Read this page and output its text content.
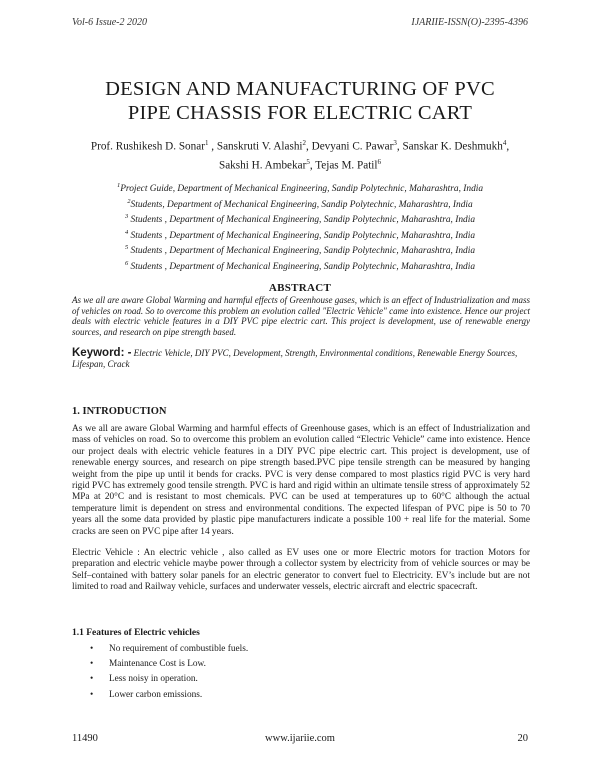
Vol-6 Issue-2 2020	IJARIIE-ISSN(O)-2395-4396
DESIGN AND MANUFACTURING OF PVC
PIPE CHASSIS FOR ELECTRIC CART
Prof. Rushikesh D. Sonar$^1$ , Sanskruti V. Alashi$^2$, Devyani C. Pawar$^3$, Sanskar K. Deshmukh$^4$,
Sakshi H. Ambekar$^5$, Tejas M. Patil$^6$
$^1$Project Guide, Department of Mechanical Engineering, Sandip Polytechnic, Maharashtra, India
$^2$Students, Department of Mechanical Engineering, Sandip Polytechnic, Maharashtra, India
$^3$ Students , Department of Mechanical Engineering, Sandip Polytechnic, Maharashtra, India
$^4$ Students , Department of Mechanical Engineering, Sandip Polytechnic, Maharashtra, India
$^5$ Students , Department of Mechanical Engineering, Sandip Polytechnic, Maharashtra, India
$^6$ Students , Department of Mechanical Engineering, Sandip Polytechnic, Maharashtra, India
ABSTRACT
As we all are aware Global Warming and harmful effects of Greenhouse gases, which is an effect of Industrialization and mass of vehicles on road. So to overcome this problem an evolution called "Electric Vehicle" came into existence. Hence our project deals with electric vehicle features in a DIY PVC pipe electric cart. This project is development, use of renewable energy sources, and research on pipe strength based.
Keyword: - Electric Vehicle, DIY PVC, Development, Strength, Environmental conditions, Renewable Energy Sources, Lifespan, Crack
1. INTRODUCTION

As we all are aware Global Warming and harmful effects of Greenhouse gases, which is an effect of Industrialization and mass of vehicles on road. So to overcome this problem an evolution called “Electric Vehicle” came into existence. Hence our project deals with electric vehicle features in a DIY PVC pipe electric cart. This project is development, use of renewable energy sources, and research on pipe strength based.PVC pipe tensile strength can be measured by hanging weight from the pipe up until it bends for cracks. PVC is very dense compared to most plastics rigid PVC is very hard rigid PVC has extremely good tensile strength. PVC is hard and rigid within an ultimate tensile stress of approximately 52 MPa at 20°C and is resistant to most chemicals. PVC can be used at temperatures up to 60°C although the actual temperature limit is dependent on stress and environmental conditions. The expected lifespan of PVC pipe is 50 to 70 years all the some data provided by plastic pipe manufacturers indicate a possible 100 + real life for the material. Some cracks are seen on PVC pipe after 14 years.

Electric Vehicle : An electric vehicle , also called as EV uses one or more Electric motors for traction Motors for preparation and electric vehicle maybe power through a collector system by electricity from of vehicle sources or may be Self–contained with battery solar panels for an electric generator to convert fuel to Electricity. EV’s include but are not limited to road and Railway vehicle, surfaces and underwater vessels, electric aircraft and electric spacecraft.

1.1 Features of Electric vehicles
• No requirement of combustible fuels.
• Maintenance Cost is Low.
• Less noisy in operation.
• Lower carbon emissions.
11490	www.ijariie.com	20
